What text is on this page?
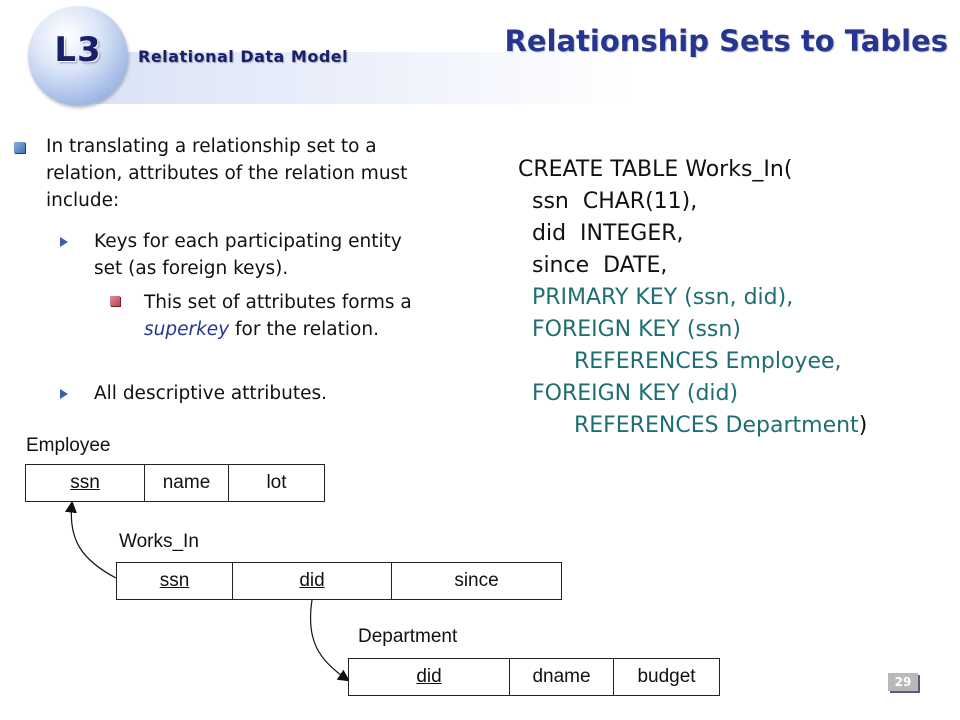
L3	Relational Data Model	Relationship Sets to Tables
In translating a relationship set to a relation, attributes of the relation must include:
Keys for each participating entity set (as foreign keys).
This set of attributes forms a superkey for the relation.
All descriptive attributes.

CREATE TABLE Works_In(
ssn  CHAR(11),
did  INTEGER,
since  DATE,
PRIMARY KEY (ssn, did),
FOREIGN KEY (ssn)
REFERENCES Employee,
FOREIGN KEY (did)
REFERENCES Department)

Employee
ssn	name	lot
Works_In
ssn	did	since
Department
did	dname	budget	29
